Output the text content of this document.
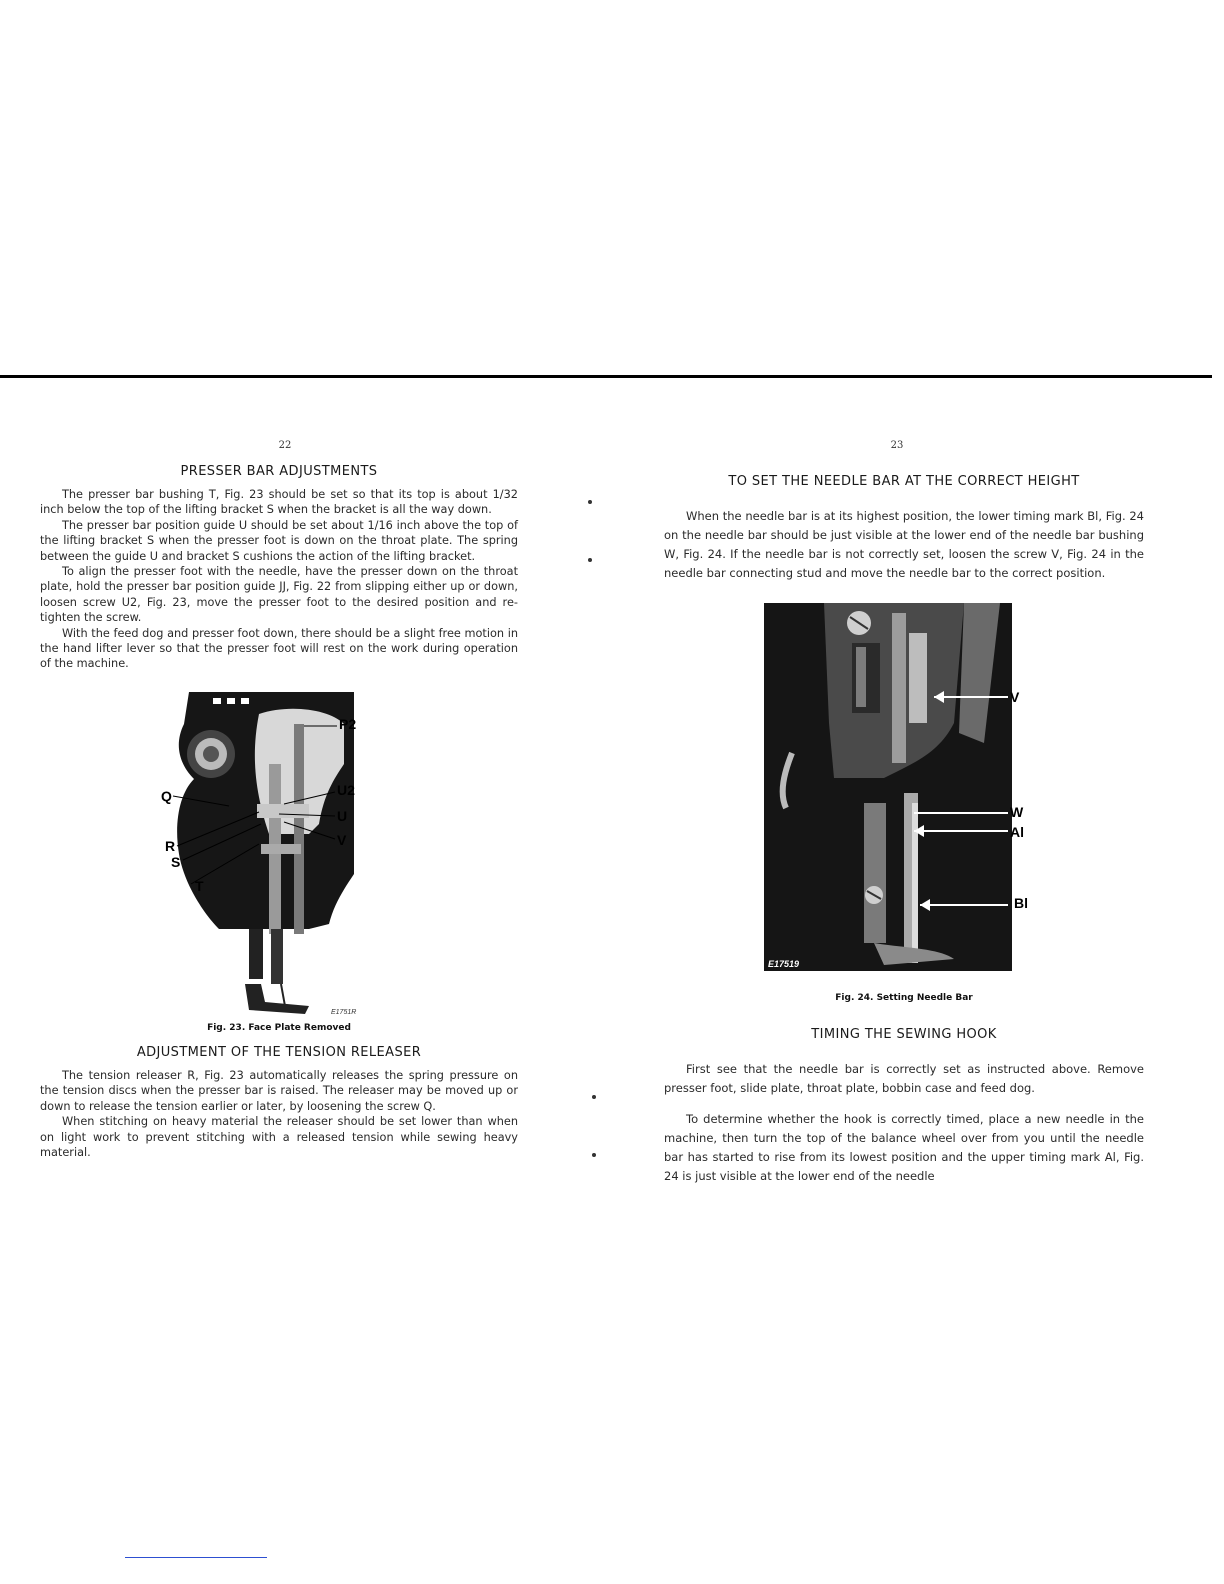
22
PRESSER BAR ADJUSTMENTS

The presser bar bushing T, Fig. 23 should be set so that its top is about 1/32 inch below the top of the lifting bracket S when the bracket is all the way down.

The presser bar position guide U should be set about 1/16 inch above the top of the lifting bracket S when the presser foot is down on the throat plate. The spring between the guide U and bracket S cushions the action of the lifting bracket.

To align the presser foot with the needle, have the presser down on the throat plate, hold the presser bar position guide JJ, Fig. 22 from slipping either up or down, loosen screw U2, Fig. 23, move the presser foot to the desired position and re-tighten the screw.

With the feed dog and presser foot down, there should be a slight free motion in the hand lifter lever so that the presser foot will rest on the work during operation of the machine.

E1751R
P2
U2
U
V
Q
R
S
T
Fig. 23. Face Plate Removed
ADJUSTMENT OF THE TENSION RELEASER

The tension releaser R, Fig. 23 automatically releases the spring pressure on the tension discs when the presser bar is raised. The releaser may be moved up or down to release the tension earlier or later, by loosening the screw Q.

When stitching on heavy material the releaser should be set lower than when on light work to prevent stitching with a released tension while sewing heavy material.

23
TO SET THE NEEDLE BAR AT THE CORRECT HEIGHT

When the needle bar is at its highest position, the lower timing mark Bl, Fig. 24 on the needle bar should be just visible at the lower end of the needle bar bushing W, Fig. 24. If the needle bar is not correctly set, loosen the screw V, Fig. 24 in the needle bar connecting stud and move the needle bar to the correct position.

E17519
V
W
Al
Bl
Fig. 24. Setting Needle Bar
TIMING THE SEWING HOOK

First see that the needle bar is correctly set as instructed above. Remove presser foot, slide plate, throat plate, bobbin case and feed dog.

To determine whether the hook is correctly timed, place a new needle in the machine, then turn the top of the balance wheel over from you until the needle bar has started to rise from its lowest position and the upper timing mark Al, Fig. 24 is just visible at the lower end of the needle
